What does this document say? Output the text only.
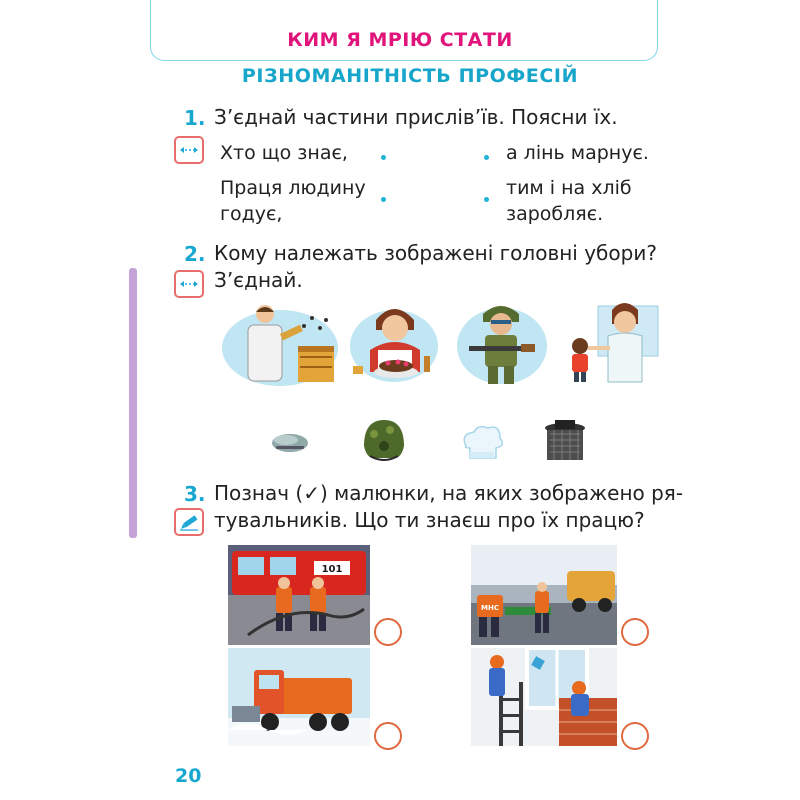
КИМ Я МРІЮ СТАТИ
РІЗНОМАНІТНІСТЬ ПРОФЕСІЙ
1. З’єднай частини прислів’їв. Поясни їх.
Хто що знає,
Праця людину
годує,
а лінь марнує.
тим і на хліб
заробляє.
2. Кому належать зображені головні убори?
З’єднай.
3. Познач (✓) малюнки, на яких зображено ря-
тувальників. Що ти знаєш про їх працю?
101
МНС
20
